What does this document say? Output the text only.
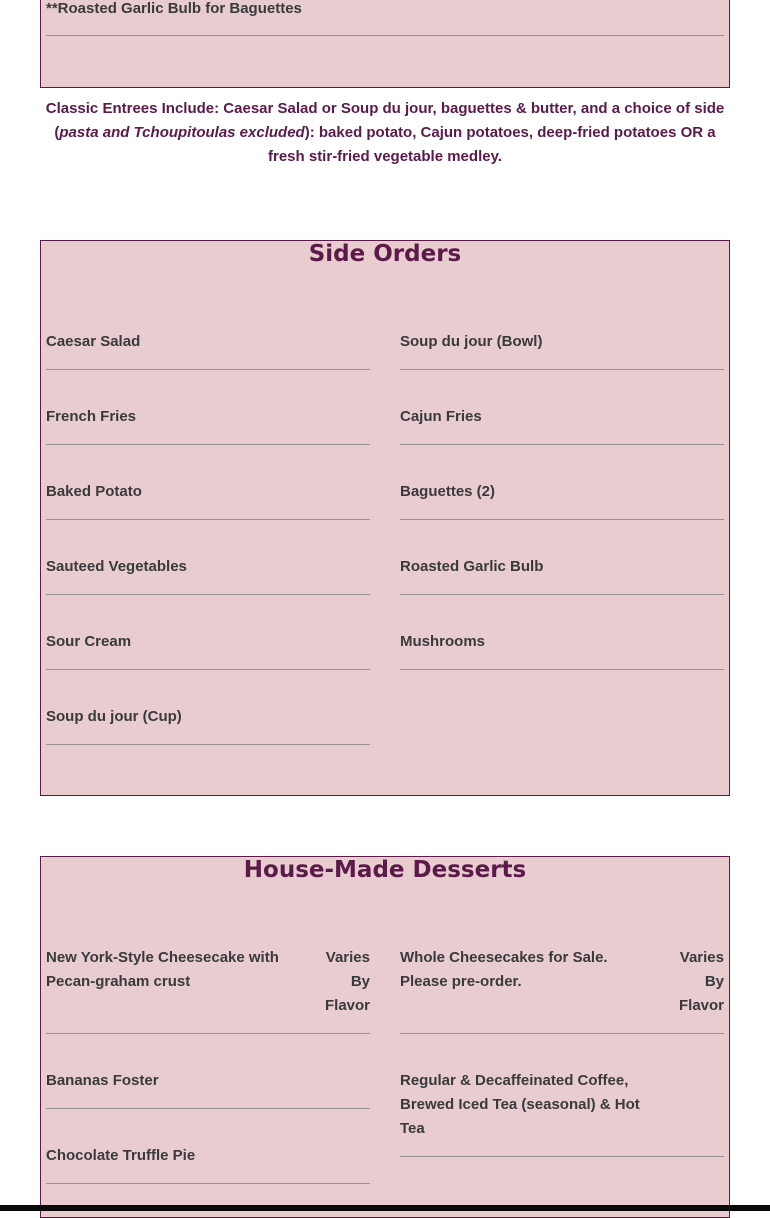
**Roasted Garlic Bulb for Baguettes
Classic Entrees Include: Caesar Salad or Soup du jour, baguettes & butter, and a choice of side (pasta and Tchoupitoulas excluded): baked potato, Cajun potatoes, deep-fried potatoes OR a fresh stir-fried vegetable medley.
Side Orders
Caesar Salad
French Fries
Baked Potato
Sauteed Vegetables
Sour Cream
Soup du jour (Cup)
Soup du jour (Bowl)
Cajun Fries
Baguettes (2)
Roasted Garlic Bulb
Mushrooms
House-Made Desserts
New York-Style Cheesecake with Pecan-graham crust
Varies
By
Flavor
Bananas Foster
Chocolate Truffle Pie
Whole Cheesecakes for Sale. Please pre-order.
Varies
By
Flavor
Regular & Decaffeinated Coffee, Brewed Iced Tea (seasonal) & Hot Tea
